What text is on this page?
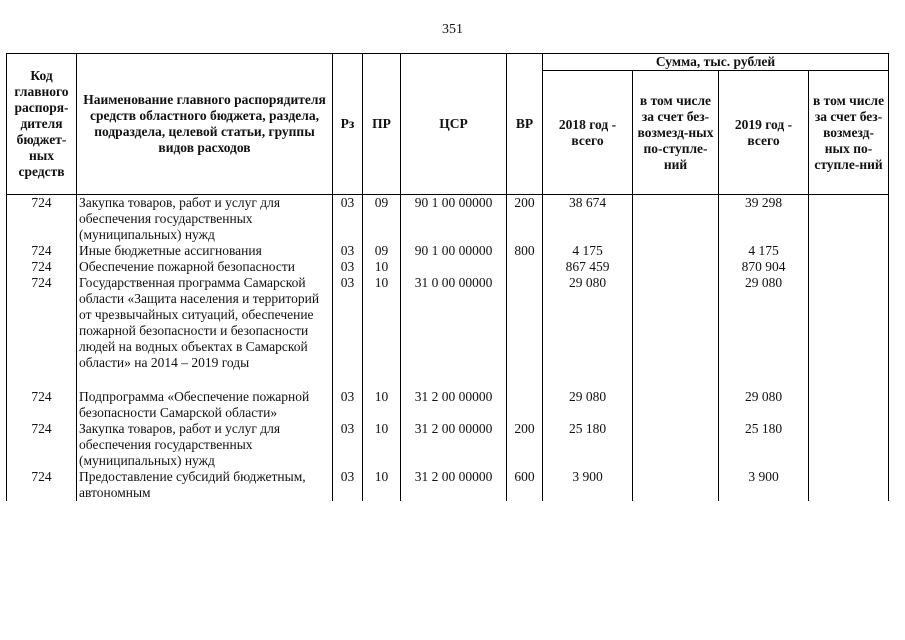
351
Код главного распоря-дителя бюджет-ных средств	Наименование главного распорядителя средств областного бюджета, раздела, подраздела, целевой статьи, группы видов расходов	Рз	ПР	ЦСР	ВР	Сумма, тыс. рублей			
						2018 год - всего	в том числе за счет без-возмезд-ных по-ступле-ний	2019 год - всего	в том числе за счет без-возмезд-ных по-ступле-ний
724	Закупка товаров, работ и услуг для обеспечения государственных (муниципальных) нужд	03	09	90 1 00 00000	200	38 674		39 298	
724	Иные бюджетные ассигнования	03	09	90 1 00 00000	800	4 175		4 175	
724	Обеспечение пожарной безопасности	03	10			867 459		870 904	
724	Государственная программа Самарской области «Защита населения и территорий от чрезвычайных ситуаций, обеспечение пожарной безопасности и безопасности людей на водных объектах в Самарской области» на 2014 – 2019 годы	03	10	31 0 00 00000		29 080		29 080	
724	Подпрограмма «Обеспечение пожарной безопасности Самарской области»	03	10	31 2 00 00000		29 080		29 080	
724	Закупка товаров, работ и услуг для обеспечения государственных (муниципальных) нужд	03	10	31 2 00 00000	200	25 180		25 180	
724	Предоставление субсидий бюджетным, автономным	03	10	31 2 00 00000	600	3 900		3 900	
